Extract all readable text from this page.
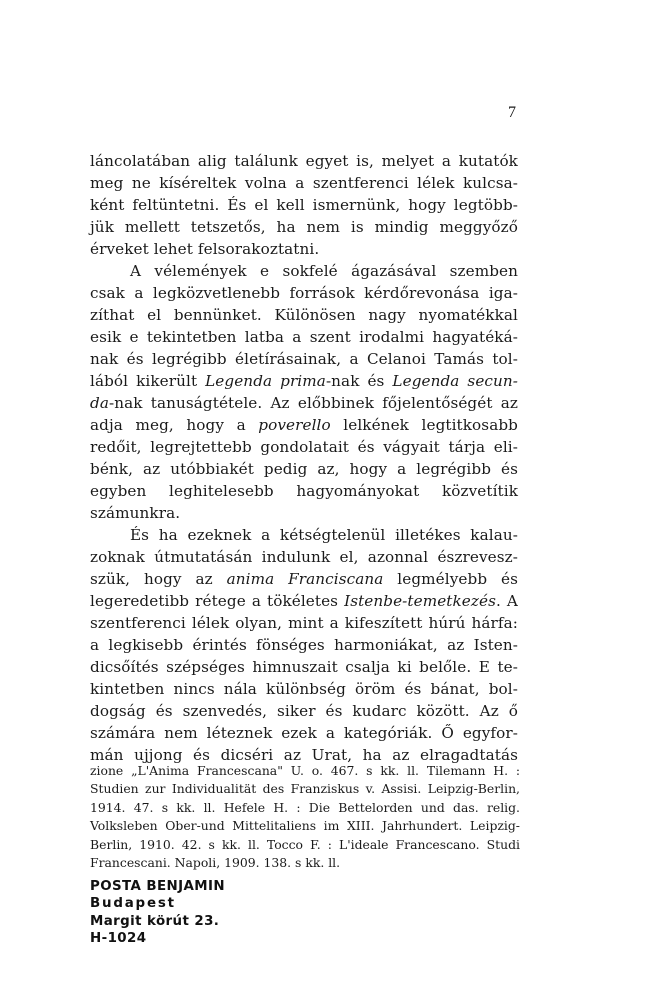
7
láncolatában alig találunk egyet is, melyet a kutatók
meg ne kíséreltek volna a szentferenci lélek kulcsa-
ként feltüntetni. És el kell ismernünk, hogy legtöbb-
jük mellett tetszetős, ha nem is mindig meggyőző
érveket lehet felsorakoztatni.
A vélemények e sokfelé ágazásával szemben
csak a legközvetlenebb források kérdőrevonása iga-
zíthat el bennünket. Különösen nagy nyomatékkal
esik e tekintetben latba a szent irodalmi hagyatéká-
nak és legrégibb életírásainak, a Celanoi Tamás tol-
lából kikerült Legenda prima-nak és Legenda secun-
da-nak tanuságtétele. Az előbbinek főjelentőségét az
adja meg, hogy a poverello lelkének legtitkosabb
redőit, legrejtettebb gondolatait és vágyait tárja eli-
bénk, az utóbbiakét pedig az, hogy a legrégibb és
egyben leghitelesebb hagyományokat közvetítik
számunkra.
És ha ezeknek a kétségtelenül illetékes kalau-
zoknak útmutatásán indulunk el, azonnal észrevesz-
szük, hogy az anima Franciscana legmélyebb és
legeredetibb rétege a tökéletes Istenbe-temetkezés. A
szentferenci lélek olyan, mint a kifeszített húrú hárfa:
a legkisebb érintés fönséges harmoniákat, az Isten-
dicsőítés szépséges himnuszait csalja ki belőle. E te-
kintetben nincs nála különbség öröm és bánat, bol-
dogság és szenvedés, siker és kudarc között. Az ő
számára nem léteznek ezek a kategóriák. Ő egyfor-
mán ujjong és dicséri az Urat, ha az elragadtatás
zione „L'Anima Francescana" U. o. 467. s kk. ll. Tilemann H. :
Studien zur Individualität des Franziskus v. Assisi. Leipzig-Berlin,
1914. 47. s kk. ll. Hefele H. : Die Bettelorden und das. relig.
Volksleben Ober-und Mittelitaliens im XIII. Jahrhundert. Leipzig-
Berlin, 1910. 42. s kk. ll. Tocco F. : L'ideale Francescano. Studi
Francescani. Napoli, 1909. 138. s kk. ll.
POSTA BENJAMIN
Budapest
Margit körút 23.
H-1024
